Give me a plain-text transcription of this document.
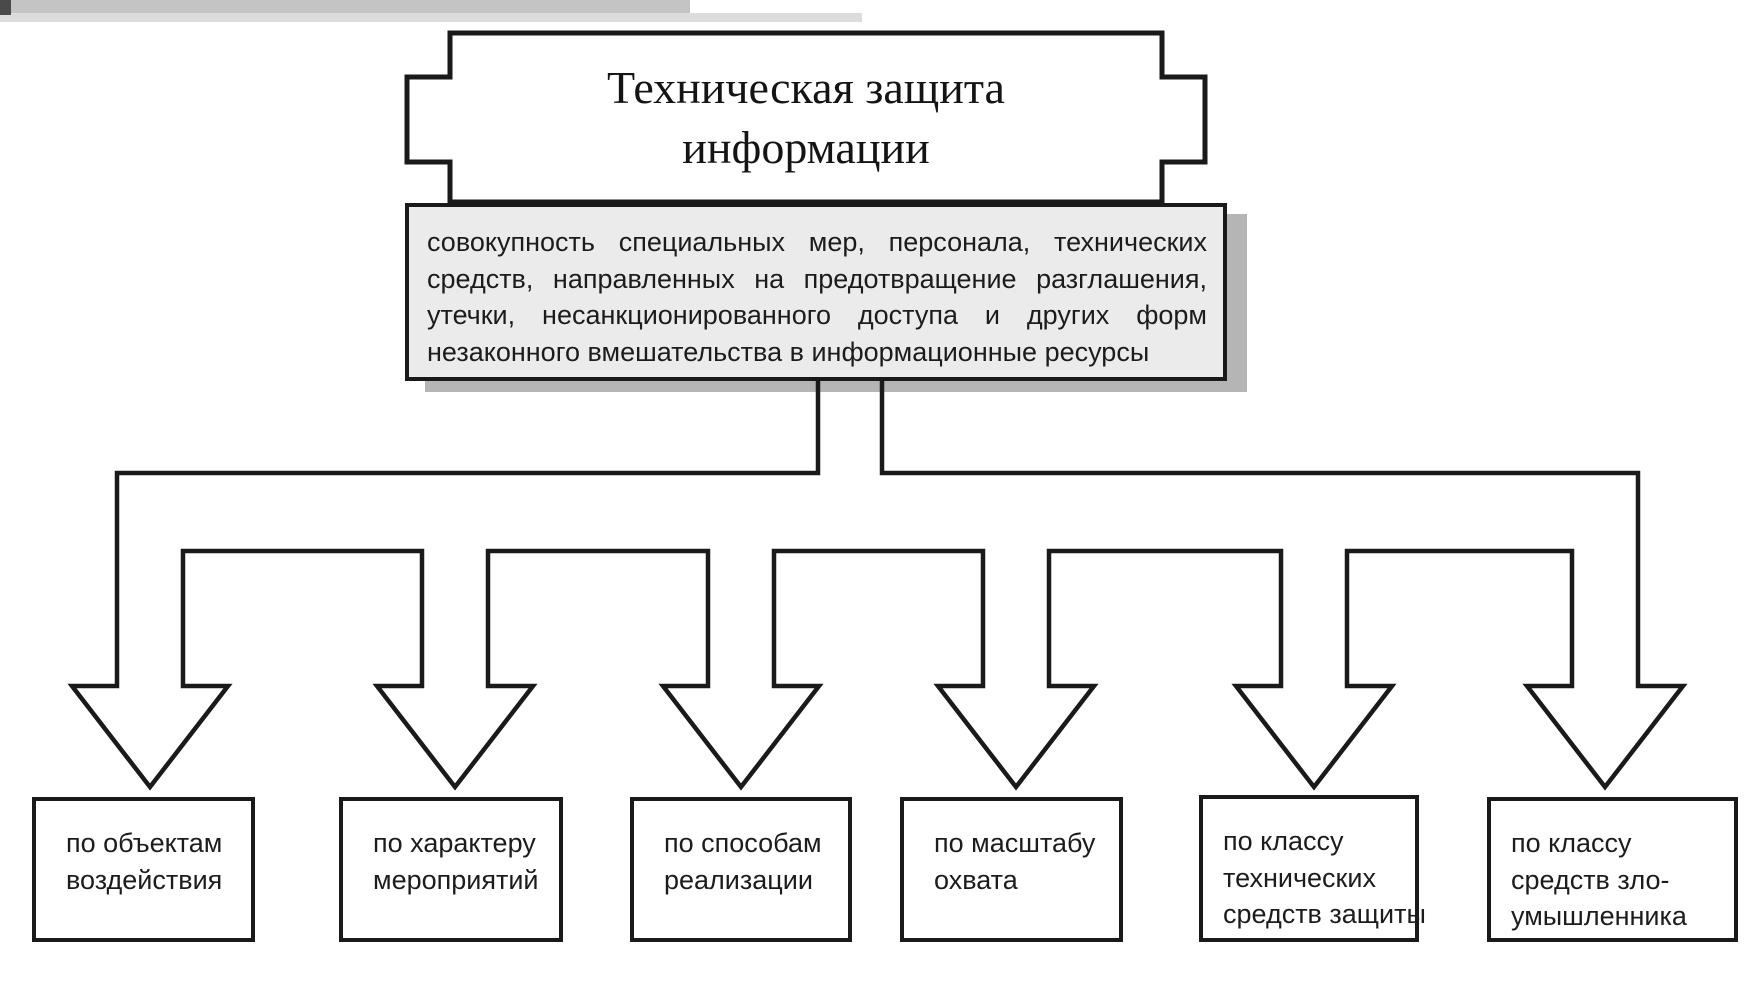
совокупность специальных мер, персонала, технических
средств, направленных на предотвращение разглашения,
утечки, несанкционированного доступа и других форм
незаконного вмешательства в информационные ресурсы
Техническая защита
информации
по объектам
воздействия
по характеру
мероприятий
по способам
реализации
по масштабу
охвата
по классу
технических
средств защиты
по классу
средств зло-
умышленника
